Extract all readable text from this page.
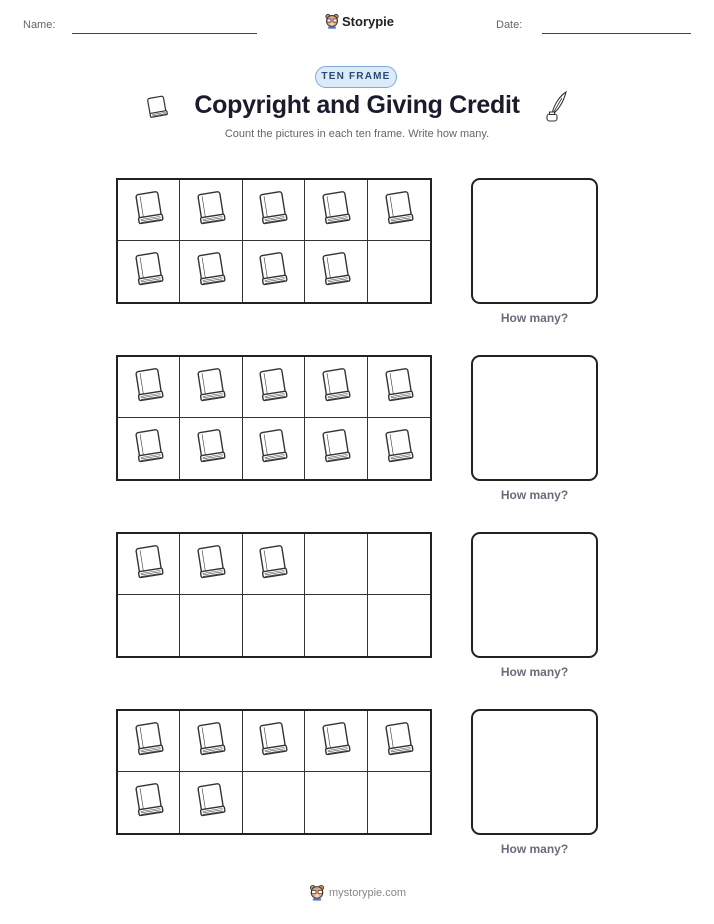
Name:	Date:
Storypie
TEN FRAME
Copyright and Giving Credit
Count the pictures in each ten frame. Write how many.
How many?
How many?
How many?
How many?
mystorypie.com
